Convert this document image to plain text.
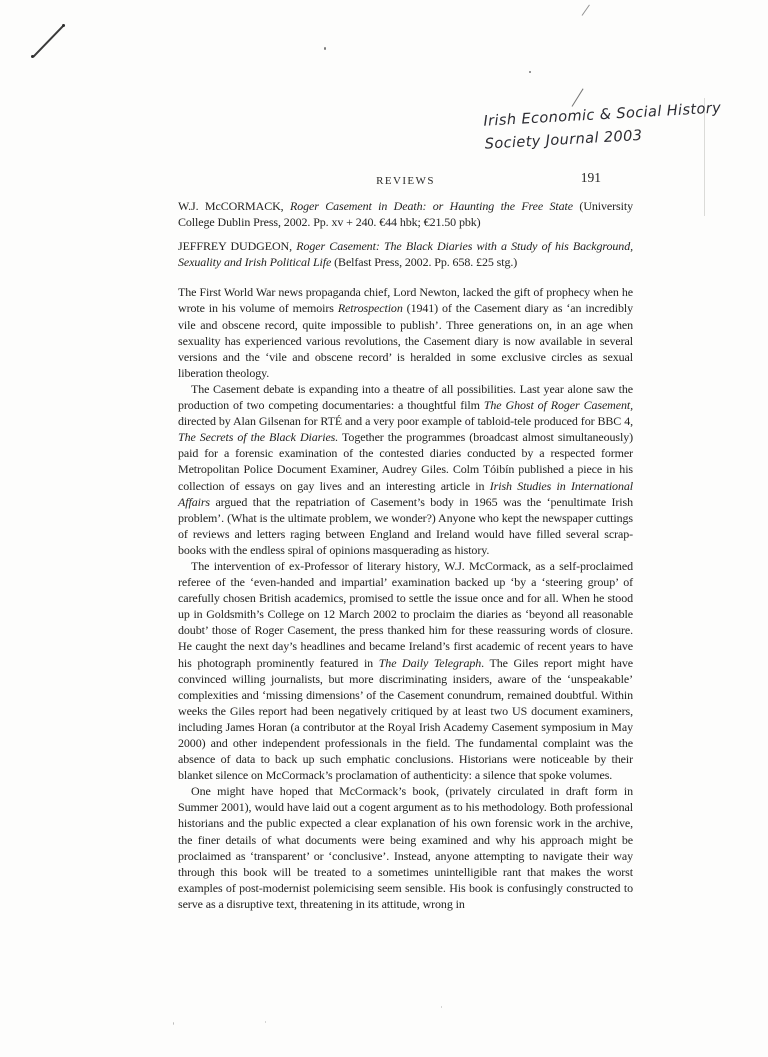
Irish Economic & Social History
Society Journal 2003
REVIEWS	191

W.J. McCORMACK, Roger Casement in Death: or Haunting the Free State (University College Dublin Press, 2002. Pp. xv + 240. €44 hbk; €21.50 pbk)

JEFFREY DUDGEON, Roger Casement: The Black Diaries with a Study of his Background, Sexuality and Irish Political Life (Belfast Press, 2002. Pp. 658. £25 stg.)

The First World War news propaganda chief, Lord Newton, lacked the gift of prophecy when he wrote in his volume of memoirs Retrospection (1941) of the Casement diary as ‘an incredibly vile and obscene record, quite impossible to publish’. Three generations on, in an age when sexuality has experienced various revolutions, the Casement diary is now available in several versions and the ‘vile and obscene record’ is heralded in some exclusive circles as sexual liberation theology.

The Casement debate is expanding into a theatre of all possibilities. Last year alone saw the production of two competing documentaries: a thoughtful film The Ghost of Roger Casement, directed by Alan Gilsenan for RTÉ and a very poor example of tabloid-tele produced for BBC 4, The Secrets of the Black Diaries. Together the programmes (broadcast almost simultaneously) paid for a forensic examination of the contested diaries conducted by a respected former Metropolitan Police Document Examiner, Audrey Giles. Colm Tóibín published a piece in his collection of essays on gay lives and an interesting article in Irish Studies in International Affairs argued that the repatriation of Casement’s body in 1965 was the ‘penultimate Irish problem’. (What is the ultimate problem, we wonder?) Anyone who kept the newspaper cuttings of reviews and letters raging between England and Ireland would have filled several scrap-books with the endless spiral of opinions masquerading as history.

The intervention of ex-Professor of literary history, W.J. McCormack, as a self-proclaimed referee of the ‘even-handed and impartial’ examination backed up ‘by a ‘steering group’ of carefully chosen British academics, promised to settle the issue once and for all. When he stood up in Goldsmith’s College on 12 March 2002 to proclaim the diaries as ‘beyond all reasonable doubt’ those of Roger Casement, the press thanked him for these reassuring words of closure. He caught the next day’s headlines and became Ireland’s first academic of recent years to have his photograph prominently featured in The Daily Telegraph. The Giles report might have convinced willing journalists, but more discriminating insiders, aware of the ‘unspeakable’ complexities and ‘missing dimensions’ of the Casement conundrum, remained doubtful. Within weeks the Giles report had been negatively critiqued by at least two US document examiners, including James Horan (a contributor at the Royal Irish Academy Casement symposium in May 2000) and other independent professionals in the field. The fundamental complaint was the absence of data to back up such emphatic conclusions. Historians were noticeable by their blanket silence on McCormack’s proclamation of authenticity: a silence that spoke volumes.

One might have hoped that McCormack’s book, (privately circulated in draft form in Summer 2001), would have laid out a cogent argument as to his methodology. Both professional historians and the public expected a clear explanation of his own forensic work in the archive, the finer details of what documents were being examined and why his approach might be proclaimed as ‘transparent’ or ‘conclusive’. Instead, anyone attempting to navigate their way through this book will be treated to a sometimes unintelligible rant that makes the worst examples of post-modernist polemicising seem sensible. His book is confusingly constructed to serve as a disruptive text, threatening in its attitude, wrong in
